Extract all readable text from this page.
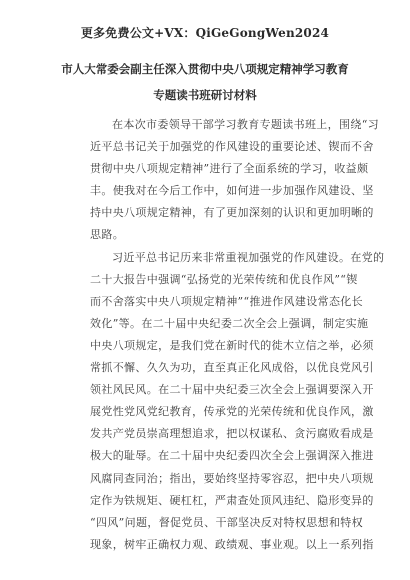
更多免费公文+VX：QiGeGongWen2024
市人大常委会副主任深入贯彻中央八项规定精神学习教育
专题读书班研讨材料
在本次市委领导干部学习教育专题读书班上，围绕“习
近平总书记关于加强党的作风建设的重要论述、锲而不舍
贯彻中央八项规定精神”进行了全面系统的学习，收益颇
丰。使我对在今后工作中，如何进一步加强作风建设、坚
持中央八项规定精神，有了更加深刻的认识和更加明晰的
思路。
习近平总书记历来非常重视加强党的作风建设。在党的
二十大报告中强调“弘扬党的光荣传统和优良作风”“锲
而不舍落实中央八项规定精神”“推进作风建设常态化长
效化”等。在二十届中央纪委二次全会上强调，制定实施
中央八项规定，是我们党在新时代的徙木立信之举，必须
常抓不懈、久久为功，直至真正化风成俗，以优良党风引
领社风民风。在二十届中央纪委三次全会上强调要深入开
展党性党风党纪教育，传承党的光荣传统和优良作风，激
发共产党员崇高理想追求，把以权谋私、贪污腐败看成是
极大的耻辱。在二十届中央纪委四次全会上强调深入推进
风腐同查同治；指出，要始终坚持零容忍，把中央八项规
定作为铁规矩、硬杠杠，严肃查处顶风违纪、隐形变异的
“四风”问题，督促党员、干部坚决反对特权思想和特权
现象，树牢正确权力观、政绩观、事业观。以上一系列指
